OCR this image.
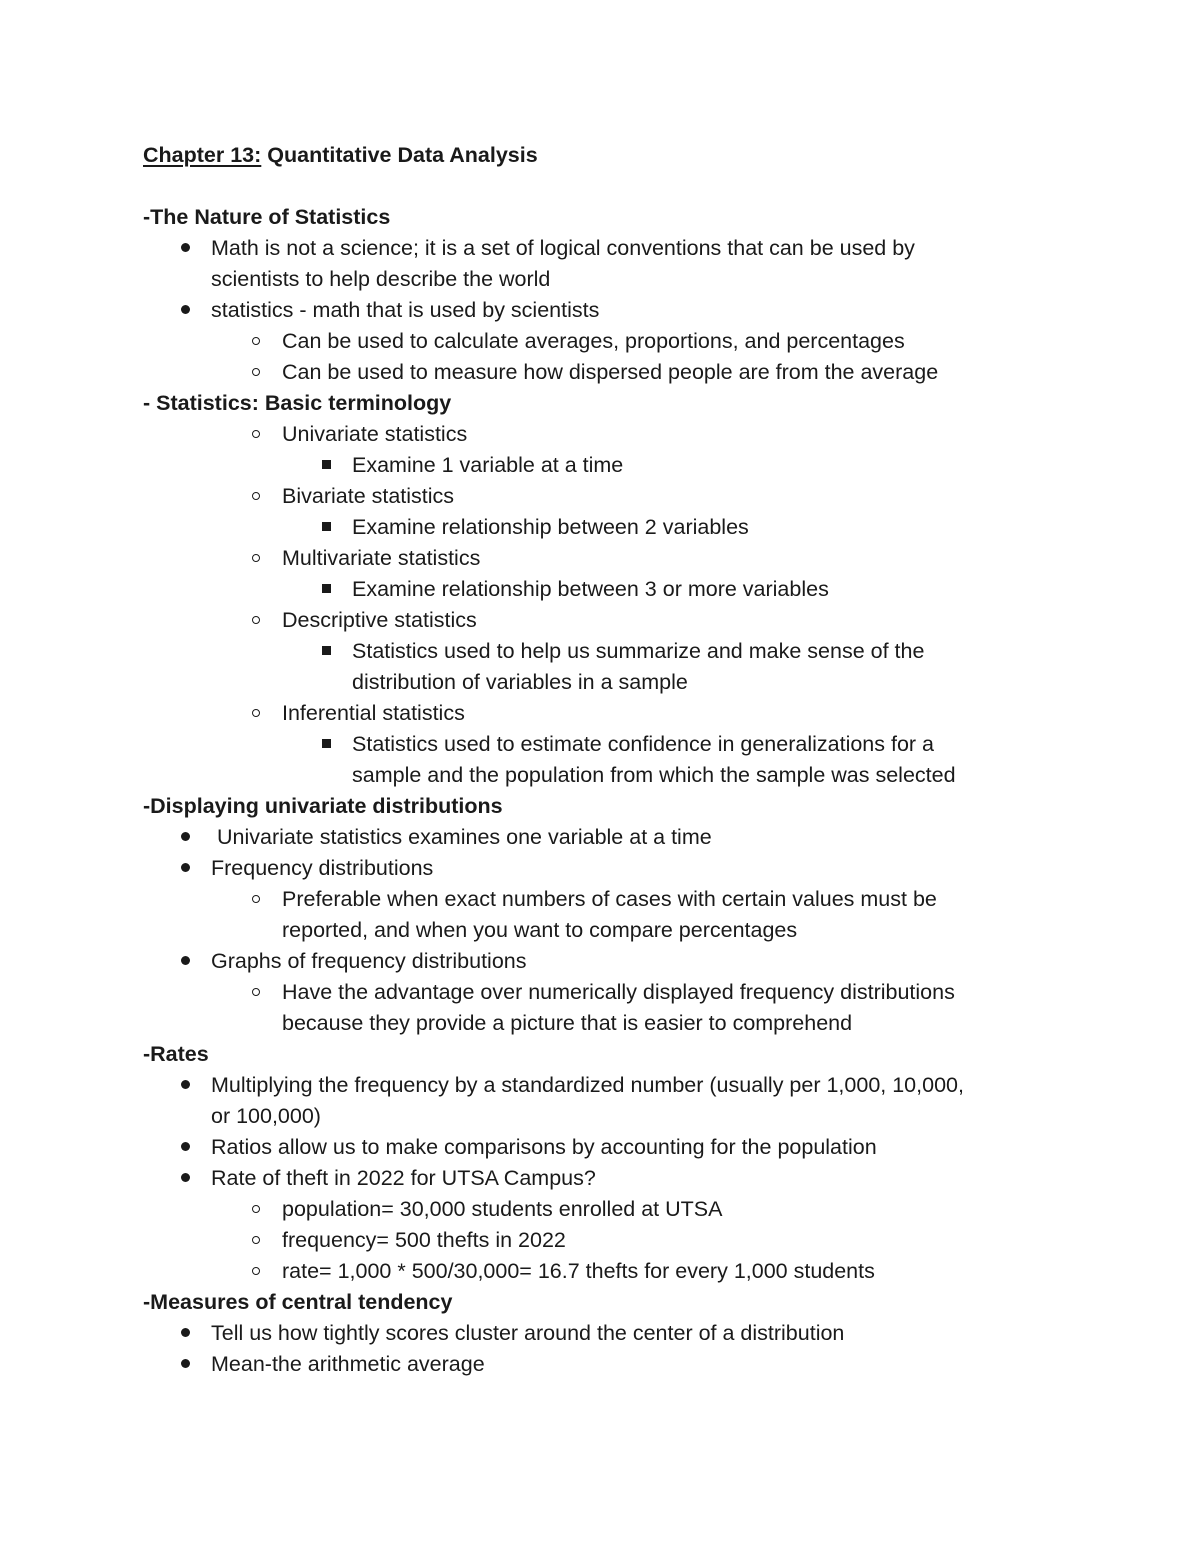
Chapter 13: Quantitative Data Analysis
-The Nature of Statistics
Math is not a science; it is a set of logical conventions that can be used by
scientists to help describe the world
statistics - math that is used by scientists
Can be used to calculate averages, proportions, and percentages
Can be used to measure how dispersed people are from the average
- Statistics: Basic terminology
Univariate statistics
Examine 1 variable at a time
Bivariate statistics
Examine relationship between 2 variables
Multivariate statistics
Examine relationship between 3 or more variables
Descriptive statistics
Statistics used to help us summarize and make sense of the
distribution of variables in a sample
Inferential statistics
Statistics used to estimate confidence in generalizations for a
sample and the population from which the sample was selected
-Displaying univariate distributions
Univariate statistics examines one variable at a time
Frequency distributions
Preferable when exact numbers of cases with certain values must be
reported, and when you want to compare percentages
Graphs of frequency distributions
Have the advantage over numerically displayed frequency distributions
because they provide a picture that is easier to comprehend
-Rates
Multiplying the frequency by a standardized number (usually per 1,000, 10,000,
or 100,000)
Ratios allow us to make comparisons by accounting for the population
Rate of theft in 2022 for UTSA Campus?
population= 30,000 students enrolled at UTSA
frequency= 500 thefts in 2022
rate= 1,000 * 500/30,000= 16.7 thefts for every 1,000 students
-Measures of central tendency
Tell us how tightly scores cluster around the center of a distribution
Mean-the arithmetic average
